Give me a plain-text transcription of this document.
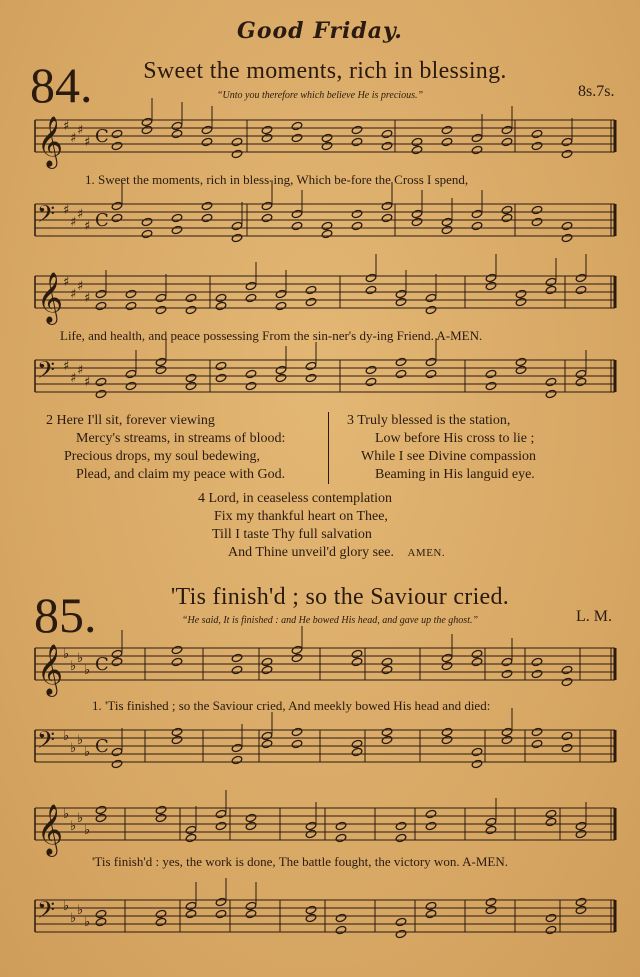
Good Friday.
84.	Sweet the moments, rich in blessing.
“Unto you therefore which believe He is precious.”	8s.7s.
𝄞 ♯
♯
♯
♯ C
1. Sweet the moments, rich in bless-ing, Which be-fore the Cross I spend,
𝄢 ♯
♯
♯
♯ C
𝄞 ♯
♯
♯
♯
Life, and health, and peace possessing From the sin-ner's dy-ing Friend. A-MEN.
𝄢 ♯
♯
♯
♯
2 Here I'll sit, forever viewing
Mercy's streams, in streams of blood:
Precious drops, my soul bedewing,
Plead, and claim my peace with God.
3 Truly blessed is the station,
Low before His cross to lie ;
While I see Divine compassion
Beaming in His languid eye.
4 Lord, in ceaseless contemplation
Fix my thankful heart on Thee,
Till I taste Thy full salvation
And Thine unveil'd glory see. AMEN.
85.	'Tis finish'd ; so the Saviour cried.
“He said, It is finished : and He bowed His head, and gave up the ghost.”	L. M.
𝄞 ♭
♭
♭
♭ C
1. 'Tis finished ; so the Saviour cried, And meekly bowed His head and died:
𝄢 ♭
♭
♭
♭ C
𝄞 ♭
♭
♭
♭
'Tis finish'd : yes, the work is done, The battle fought, the victory won. A-MEN.
𝄢 ♭
♭
♭
♭
